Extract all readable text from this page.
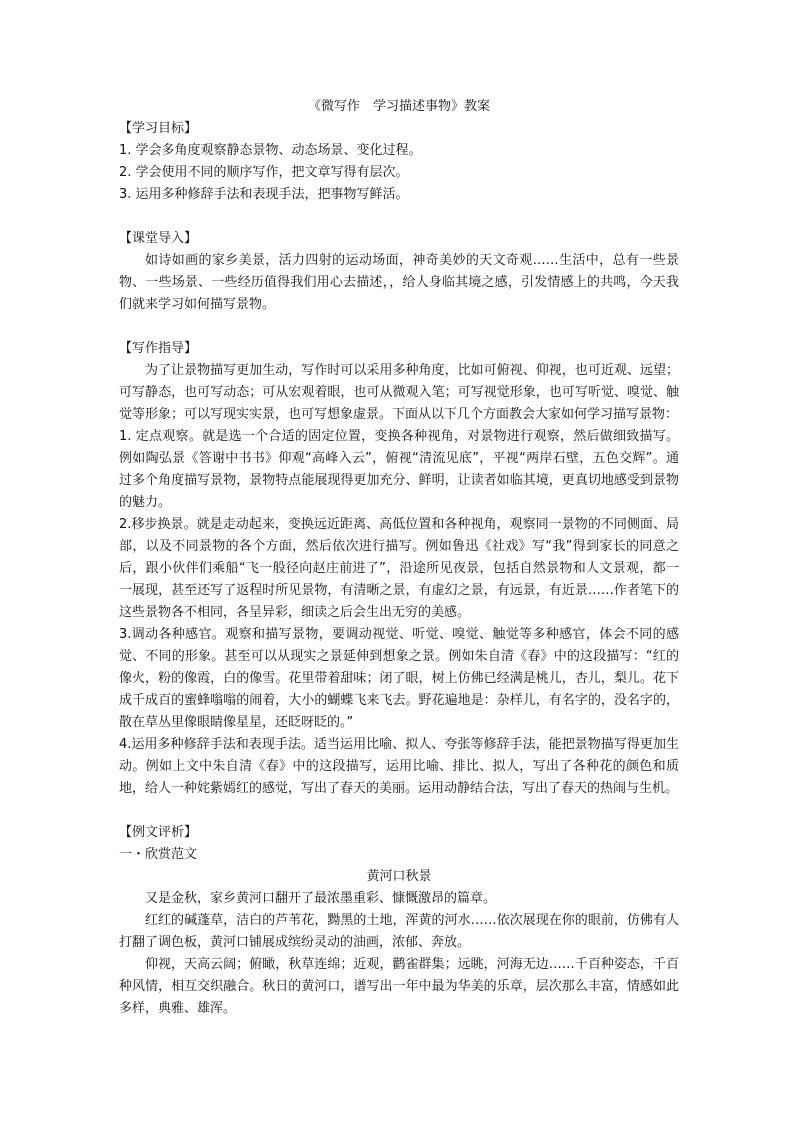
《微写作　学习描述事物》教案

【学习目标】

1. 学会多角度观察静态景物、动态场景、变化过程。

2. 学会使用不同的顺序写作，把文章写得有层次。

3. 运用多种修辞手法和表现手法，把事物写鲜活。

【课堂导入】

如诗如画的家乡美景，活力四射的运动场面，神奇美妙的天文奇观……生活中，总有一些景物、一些场景、一些经历值得我们用心去描述，，给人身临其境之感，引发情感上的共鸣，今天我们就来学习如何描写景物。

【写作指导】

为了让景物描写更加生动，写作时可以采用多种角度，比如可俯视、仰视，也可近观、远望；可写静态，也可写动态；可从宏观着眼，也可从微观入笔；可写视觉形象，也可写听觉、嗅觉、触觉等形象；可以写现实实景，也可写想象虚景。下面从以下几个方面教会大家如何学习描写景物：

1. 定点观察。就是选一个合适的固定位置，变换各种视角，对景物进行观察，然后做细致描写。例如陶弘景《答谢中书书》仰观“高峰入云”，俯视“清流见底”，平视“两岸石壁，五色交辉”。通过多个角度描写景物，景物特点能展现得更加充分、鲜明，让读者如临其境，更真切地感受到景物的魅力。

2.移步换景。就是走动起来，变换远近距离、高低位置和各种视角，观察同一景物的不同侧面、局部，以及不同景物的各个方面，然后依次进行描写。例如鲁迅《社戏》写“我”得到家长的同意之后，跟小伙伴们乘船“飞一般径向赵庄前进了”，沿途所见夜景，包括自然景物和人文景观，都一 一展现，甚至还写了返程时所见景物，有清晰之景，有虚幻之景，有远景，有近景……作者笔下的这些景物各不相同，各呈异彩，细读之后会生出无穷的美感。

3.调动各种感官。观察和描写景物，要调动视觉、听觉、嗅觉、触觉等多种感官，体会不同的感觉、不同的形象。甚至可以从现实之景延伸到想象之景。例如朱自清《春》中的这段描写：“红的像火，粉的像霞，白的像雪。花里带着甜味；闭了眼，树上仿佛已经满是桃儿，杏儿，梨儿。花下成千成百的蜜蜂嗡嗡的闹着，大小的蝴蝶飞来飞去。野花遍地是：杂样儿，有名字的，没名字的，散在草丛里像眼睛像星星，还眨呀眨的。”

4.运用多种修辞手法和表现手法。适当运用比喻、拟人、夸张等修辞手法，能把景物描写得更加生动。例如上文中朱自清《春》中的这段描写，运用比喻、排比、拟人，写出了各种花的颜色和质地，给人一种姹紫嫣红的感觉，写出了春天的美丽。运用动静结合法，写出了春天的热闹与生机。

【例文评析】

一・欣赏范文

黄河口秋景

又是金秋，家乡黄河口翻开了最浓墨重彩、慷慨激昂的篇章。

红红的碱蓬草，洁白的芦苇花，黝黑的土地，浑黄的河水……依次展现在你的眼前，仿佛有人打翻了调色板，黄河口铺展成缤纷灵动的油画，浓郁、奔放。

仰视，天高云阔；俯瞰，秋草连绵；近观，鹳雀群集；远眺，河海无边……千百种姿态，千百种风情，相互交织融合。秋日的黄河口，谱写出一年中最为华美的乐章，层次那么丰富，情感如此多样，典雅、雄浑。
